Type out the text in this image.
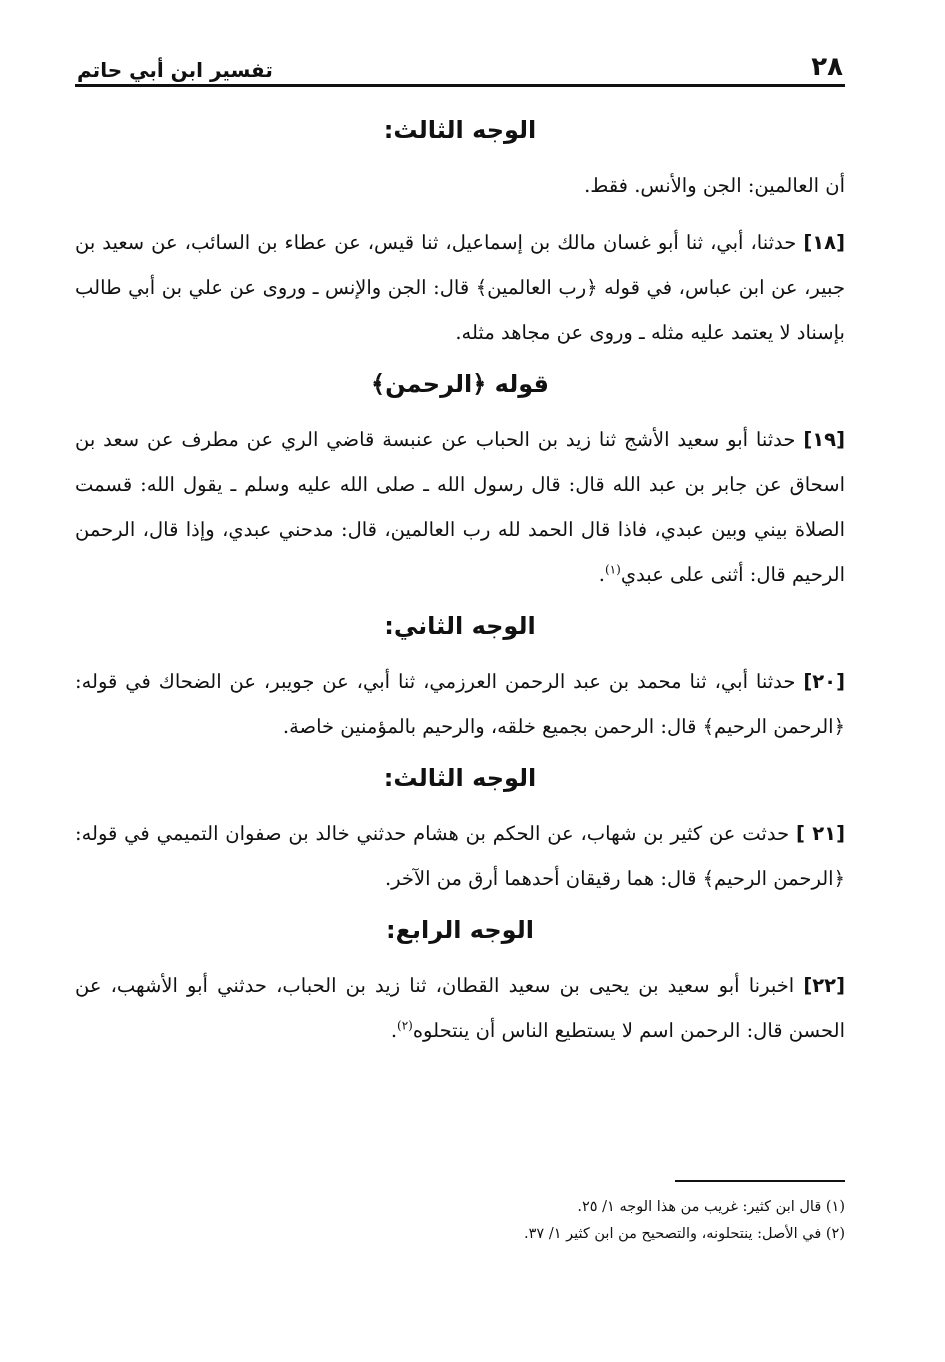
٢٨
تفسير ابن أبي حاتم
الوجه الثالث:

أن العالمين: الجن والأنس. فقط.

[١٨] حدثنا، أبي، ثنا أبو غسان مالك بن إسماعيل، ثنا قيس، عن عطاء بن السائب، عن سعيد بن جبير، عن ابن عباس، في قوله ﴿رب العالمين﴾ قال: الجن والإنس ـ وروى عن علي بن أبي طالب بإسناد لا يعتمد عليه مثله ـ وروى عن مجاهد مثله.

قوله ﴿الرحمن﴾

[١٩] حدثنا أبو سعيد الأشج ثنا زيد بن الحباب عن عنبسة قاضي الري عن مطرف عن سعد بن اسحاق عن جابر بن عبد الله قال: قال رسول الله ـ صلى الله عليه وسلم ـ يقول الله: قسمت الصلاة بيني وبين عبدي، فاذا قال الحمد لله رب العالمين، قال: مدحني عبدي، وإذا قال، الرحمن الرحيم قال: أثنى على عبدي$^{(١)}$.

الوجه الثاني:

[٢٠] حدثنا أبي، ثنا محمد بن عبد الرحمن العرزمي، ثنا أبي، عن جويبر، عن الضحاك في قوله: ﴿الرحمن الرحيم﴾ قال: الرحمن بجميع خلقه، والرحيم بالمؤمنين خاصة.

الوجه الثالث:

[٢١ ] حدثت عن كثير بن شهاب، عن الحكم بن هشام حدثني خالد بن صفوان التميمي في قوله: ﴿الرحمن الرحيم﴾ قال: هما رقيقان أحدهما أرق من الآخر.

الوجه الرابع:

[٢٢] اخبرنا أبو سعيد بن يحيى بن سعيد القطان، ثنا زيد بن الحباب، حدثني أبو الأشهب، عن الحسن قال: الرحمن اسم لا يستطيع الناس أن ينتحلوه$^{(٢)}$.

(١) قال ابن كثير: غريب من هذا الوجه ١/ ٢٥.

(٢) في الأصل: ينتحلونه، والتصحيح من ابن كثير ١/ ٣٧.
